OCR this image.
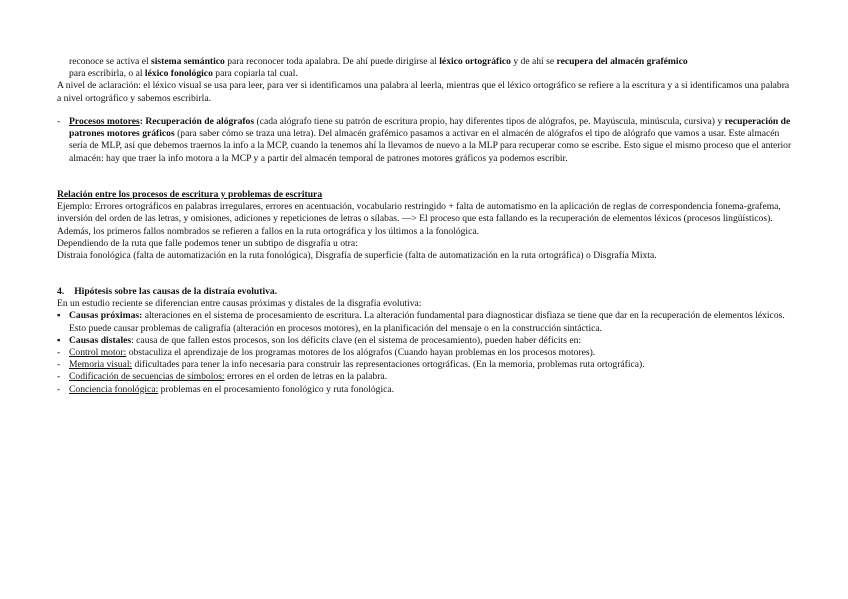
reconoce se activa el sistema semántico para reconocer toda apalabra. De ahí puede dirigirse al léxico ortográfico y de ahí se recupera del almacén grafémico

para escribirla, o al léxico fonológico para copiarla tal cual.

A nivel de aclaración: el léxico visual se usa para leer, para ver si identificamos una palabra al leerla, mientras que el léxico ortográfico se refiere a la escritura y a si identificamos una palabra a nivel ortográfico y sabemos escribirla.

- Procesos motores: Recuperación de alógrafos (cada alógrafo tiene su patrón de escritura propio, hay diferentes tipos de alógrafos, pe. Mayúscula, minúscula, cursiva) y recuperación de patrones motores gráficos (para saber cómo se traza una letra). Del almacén grafémico pasamos a activar en el almacén de alógrafos el tipo de alógrafo que vamos a usar. Este almacén sería de MLP, así que debemos traernos la info a la MCP, cuando la tenemos ahí la llevamos de nuevo a la MLP para recuperar como se escribe. Esto sigue el mismo proceso que el anterior almacén: hay que traer la info motora a la MCP y a partir del almacén temporal de patrones motores gráficos ya podemos escribir.

Relación entre los procesos de escritura y problemas de escritura

Ejemplo: Errores ortográficos en palabras irregulares, errores en acentuación, vocabulario restringido + falta de automatismo en la aplicación de reglas de correspondencia fonema-grafema, inversión del orden de las letras, y omisiones, adiciones y repeticiones de letras o sílabas. —> El proceso que esta fallando es la recuperación de elementos léxicos (procesos lingüísticos). Además, los primeros fallos nombrados se refieren a fallos en la ruta ortográfica y los últimos a la fonológica.

Dependiendo de la ruta que falle podemos tener un subtipo de disgrafía u otra:

Distraia fonológica (falta de automatización en la ruta fonológica), Disgrafía de superficie (falta de automatización en la ruta ortográfica) o Disgrafía Mixta.

4. Hipótesis sobre las causas de la distraía evolutiva.

En un estudio reciente se diferencian entre causas próximas y distales de la disgrafía evolutiva:

▪ Causas próximas: alteraciones en el sistema de procesamiento de escritura. La alteración fundamental para diagnosticar disfiaza se tiene que dar en la recuperación de elementos léxicos. Esto puede causar problemas de caligrafía (alteración en procesos motores), en la planificación del mensaje o en la construcción sintáctica.

▪ Causas distales: causa de que fallen estos procesos, son los déficits clave (en el sistema de procesamiento), pueden haber déficits en:

- Control motor: obstaculiza el aprendizaje de los programas motores de los alógrafos (Cuando hayan problemas en los procesos motores).

- Memoria visual: dificultades para tener la info necesaria para construir las representaciones ortográficas. (En la memoria, problemas ruta ortográfica).

- Codificación de secuencias de símbolos: errores en el orden de letras en la palabra.

- Conciencia fonológica: problemas en el procesamiento fonológico y ruta fonológica.
